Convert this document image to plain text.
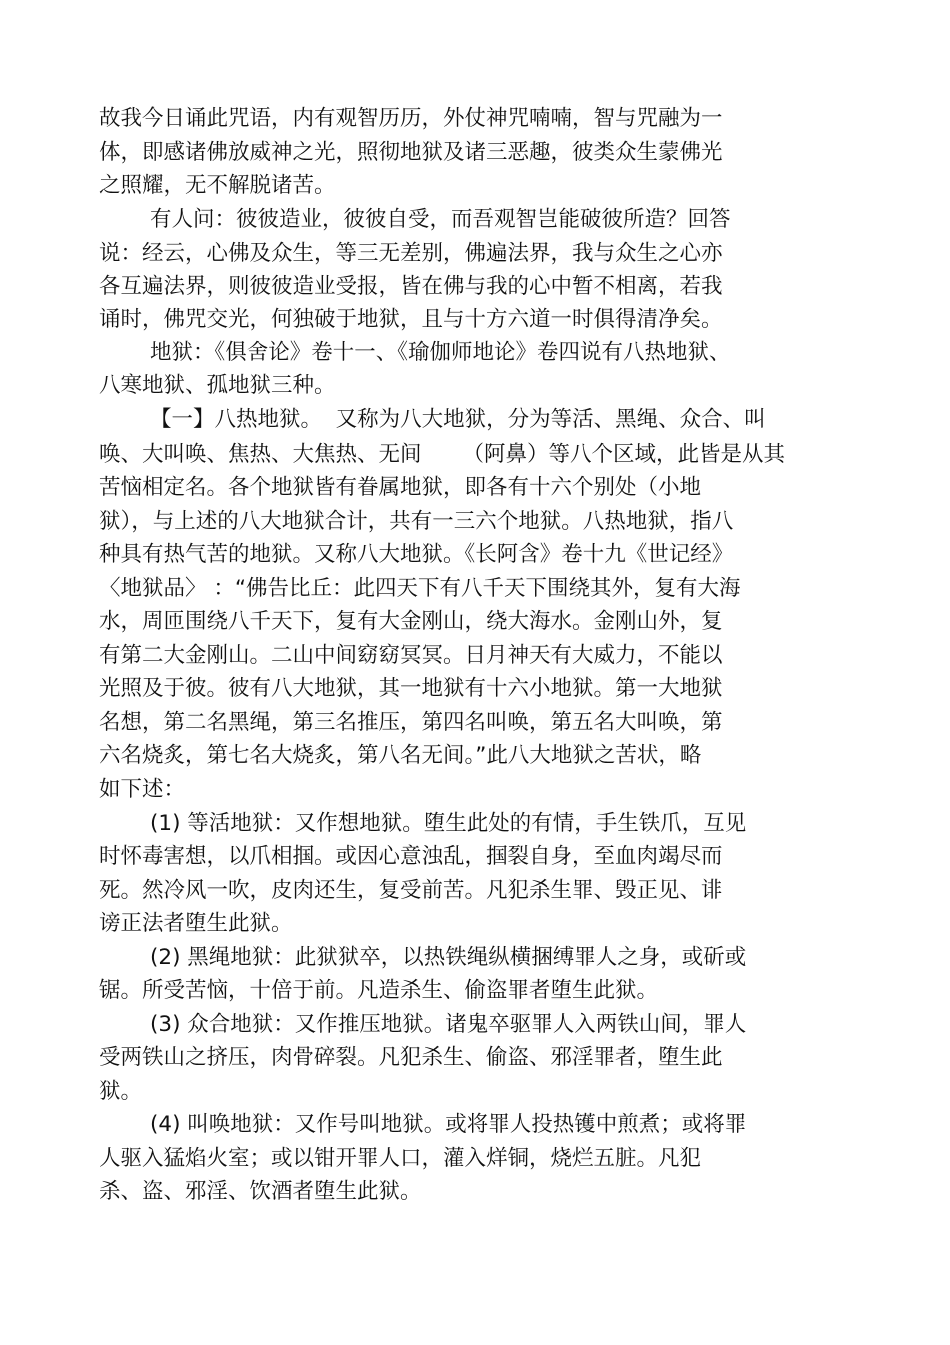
故我今日诵此咒语，内有观智历历，外仗神咒喃喃，智与咒融为一
体，即感诸佛放威神之光，照彻地狱及诸三恶趣，彼类众生蒙佛光
之照耀，无不解脱诸苦。
有人问：彼彼造业，彼彼自受，而吾观智岂能破彼所造？回答
说：经云，心佛及众生，等三无差别，佛遍法界，我与众生之心亦
各互遍法界，则彼彼造业受报，皆在佛与我的心中暂不相离，若我
诵时，佛咒交光，何独破于地狱，且与十方六道一时俱得清净矣。
地狱：《俱舍论》卷十一、《瑜伽师地论》卷四说有八热地狱、
八寒地狱、孤地狱三种。
【一】八热地狱。  又称为八大地狱，分为等活、黑绳、众合、叫
唤、大叫唤、焦热、大焦热、无间      （阿鼻）等八个区域，此皆是从其
苦恼相定名。各个地狱皆有眷属地狱，即各有十六个别处（小地
狱），与上述的八大地狱合计，共有一三六个地狱。八热地狱，指八
种具有热气苦的地狱。又称八大地狱。《长阿含》卷十九《世记经》
〈地狱品〉 ：“佛告比丘：此四天下有八千天下围绕其外，复有大海
水，周匝围绕八千天下，复有大金刚山，绕大海水。金刚山外，复
有第二大金刚山。二山中间窈窈冥冥。日月神天有大威力，不能以
光照及于彼。彼有八大地狱，其一地狱有十六小地狱。第一大地狱
名想，第二名黑绳，第三名推压，第四名叫唤，第五名大叫唤，第
六名烧炙，第七名大烧炙，第八名无间。”此八大地狱之苦状，略
如下述：
(1) 等活地狱：又作想地狱。堕生此处的有情，手生铁爪，互见
时怀毒害想，以爪相掴。或因心意浊乱，掴裂自身，至血肉竭尽而
死。然冷风一吹，皮肉还生，复受前苦。凡犯杀生罪、毁正见、诽
谤正法者堕生此狱。
(2) 黑绳地狱：此狱狱卒，以热铁绳纵横捆缚罪人之身，或斫或
锯。所受苦恼，十倍于前。凡造杀生、偷盗罪者堕生此狱。
(3) 众合地狱：又作推压地狱。诸鬼卒驱罪人入两铁山间，罪人
受两铁山之挤压，肉骨碎裂。凡犯杀生、偷盗、邪淫罪者，堕生此
狱。
(4) 叫唤地狱：又作号叫地狱。或将罪人投热镬中煎煮；或将罪
人驱入猛焰火室；或以钳开罪人口，灌入烊铜，烧烂五脏。凡犯
杀、盗、邪淫、饮酒者堕生此狱。
